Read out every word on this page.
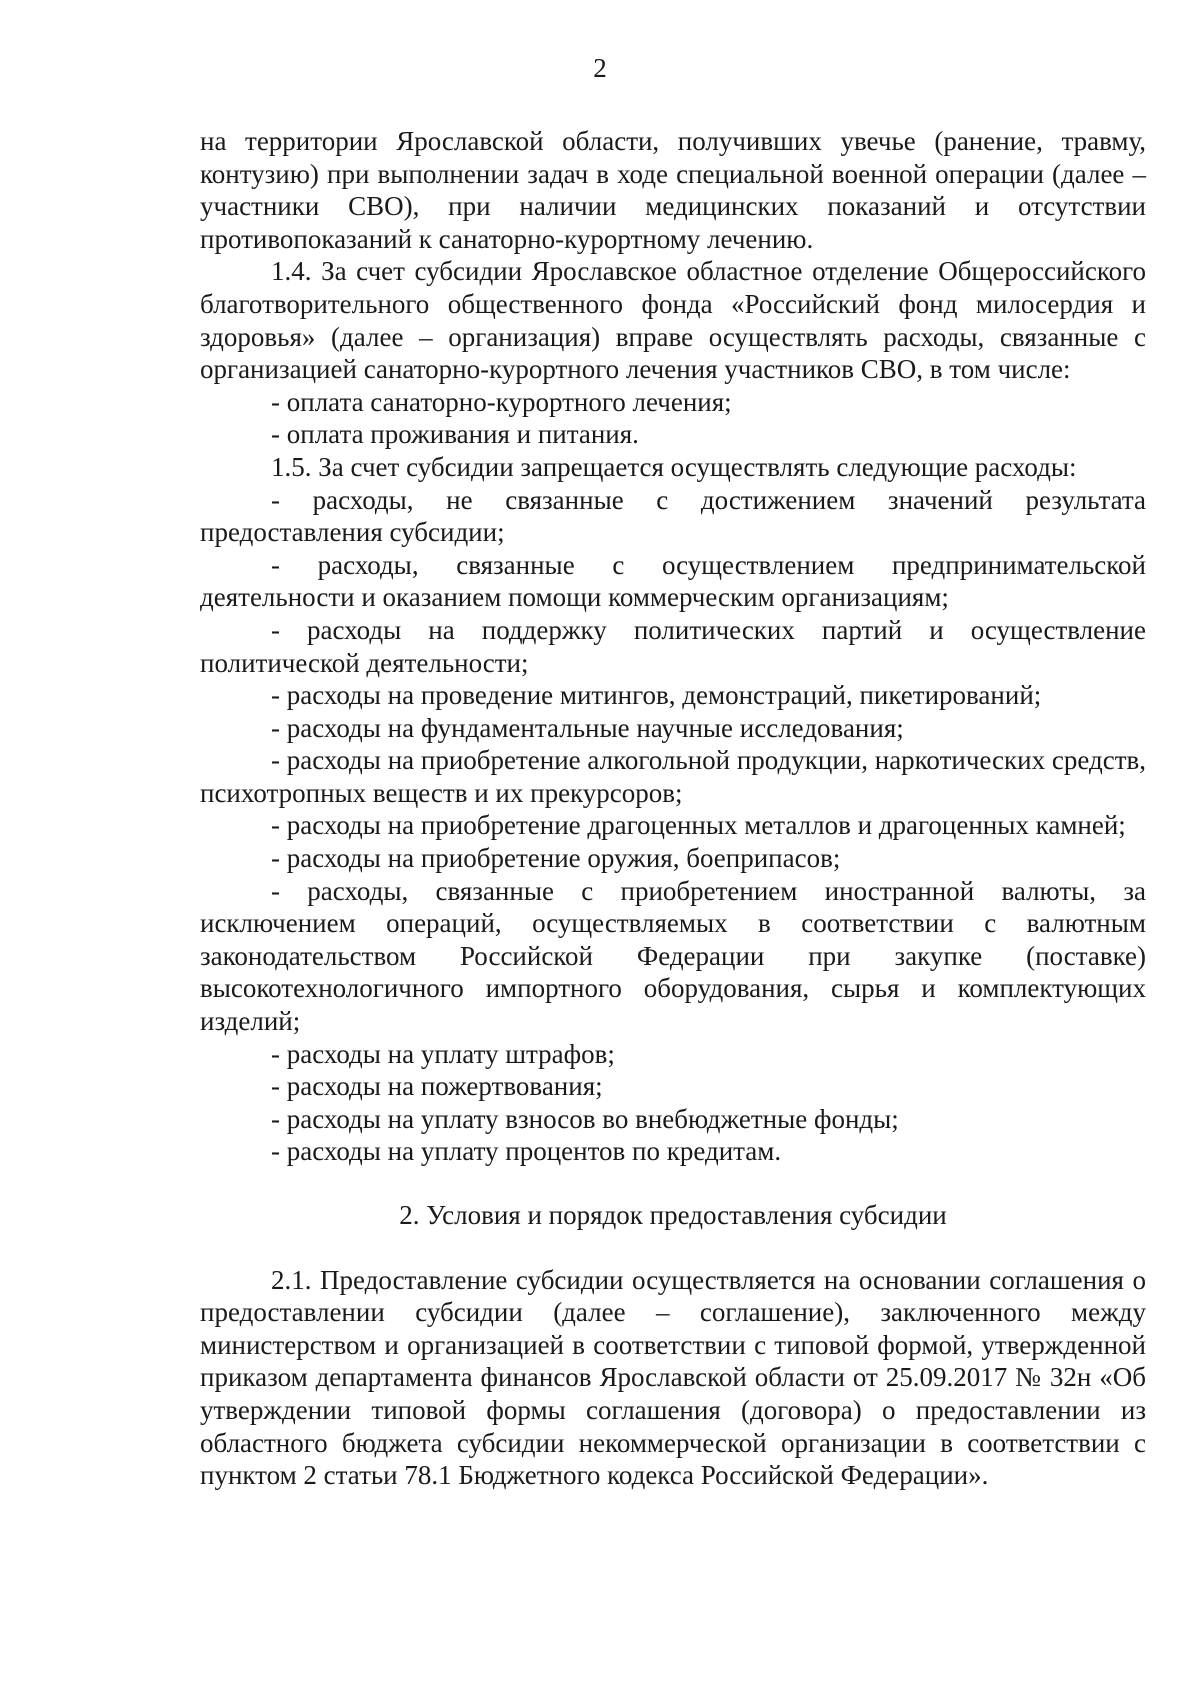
2

на территории Ярославской области, получивших увечье (ранение, травму, контузию) при выполнении задач в ходе специальной военной операции (далее – участники СВО), при наличии медицинских показаний и отсутствии противопоказаний к санаторно-курортному лечению.

1.4. За счет субсидии Ярославское областное отделение Общероссийского благотворительного общественного фонда «Российский фонд милосердия и здоровья» (далее – организация) вправе осуществлять расходы, связанные с организацией санаторно-курортного лечения участников СВО, в том числе:

- оплата санаторно-курортного лечения;

- оплата проживания и питания.

1.5. За счет субсидии запрещается осуществлять следующие расходы:

- расходы, не связанные с достижением значений результата предоставления субсидии;

- расходы, связанные с осуществлением предпринимательской деятельности и оказанием помощи коммерческим организациям;

- расходы на поддержку политических партий и осуществление политической деятельности;

- расходы на проведение митингов, демонстраций, пикетирований;

- расходы на фундаментальные научные исследования;

- расходы на приобретение алкогольной продукции, наркотических средств, психотропных веществ и их прекурсоров;

- расходы на приобретение драгоценных металлов и драгоценных камней;

- расходы на приобретение оружия, боеприпасов;

- расходы, связанные с приобретением иностранной валюты, за исключением операций, осуществляемых в соответствии с валютным законодательством Российской Федерации при закупке (поставке) высокотехнологичного импортного оборудования, сырья и комплектующих изделий;

- расходы на уплату штрафов;

- расходы на пожертвования;

- расходы на уплату взносов во внебюджетные фонды;

- расходы на уплату процентов по кредитам.

2. Условия и порядок предоставления субсидии

2.1. Предоставление субсидии осуществляется на основании соглашения о предоставлении субсидии (далее – соглашение), заключенного между министерством и организацией в соответствии с типовой формой, утвержденной приказом департамента финансов Ярославской области от 25.09.2017 № 32н «Об утверждении типовой формы соглашения (договора) о предоставлении из областного бюджета субсидии некоммерческой организации в соответствии с пунктом 2 статьи 78.1 Бюджетного кодекса Российской Федерации».
